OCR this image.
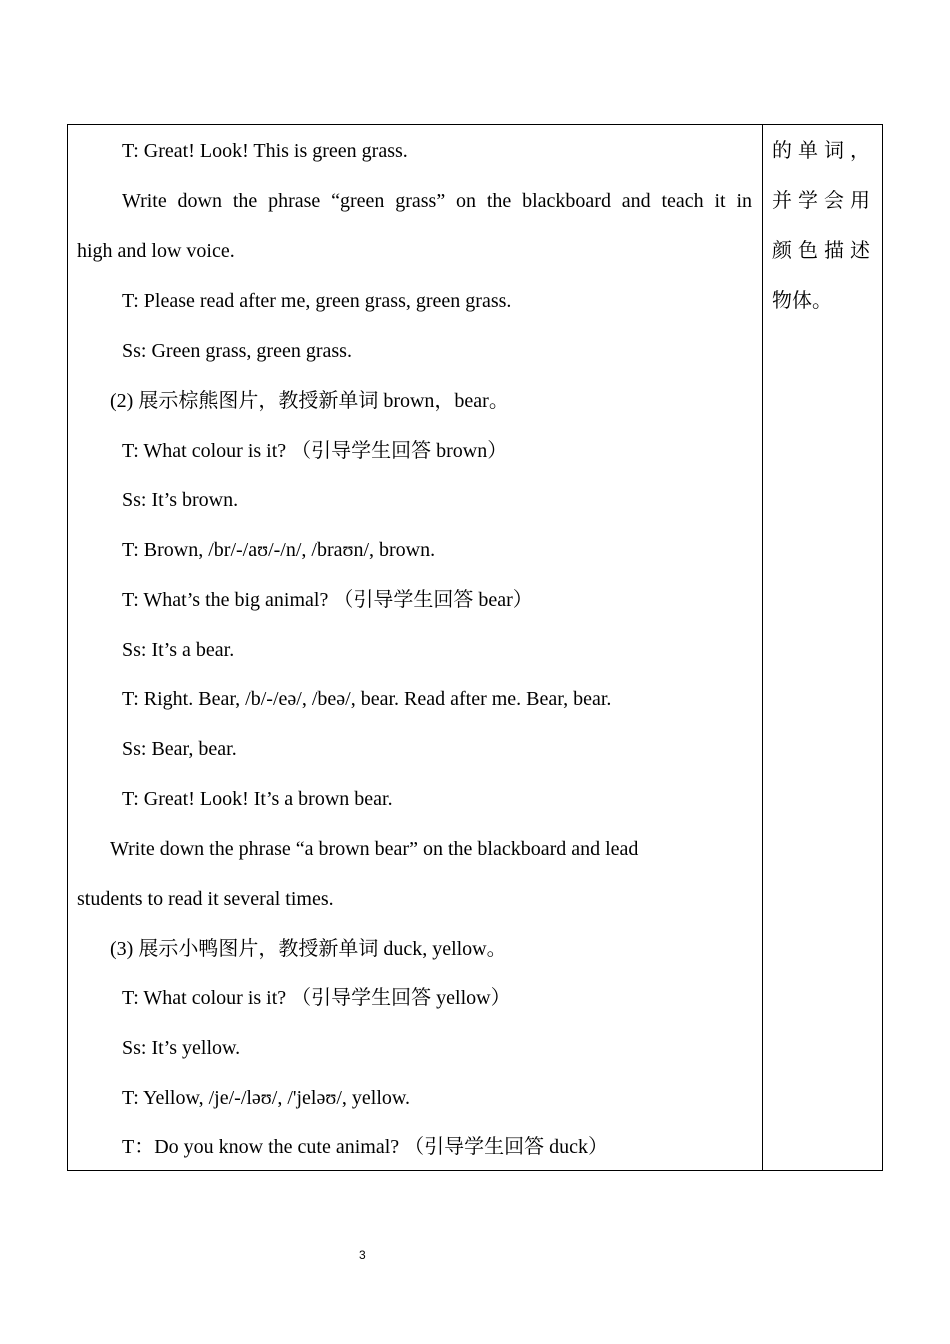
T: Great! Look! This is green grass.
Write down the phrase “green grass” on the blackboard and teach it in
high and low voice.
T: Please read after me, green grass, green grass.
Ss: Green grass, green grass.
(2) 展示棕熊图片，教授新单词 brown，bear。
T: What colour is it? （引导学生回答 brown）
Ss: It’s brown.
T: Brown, /br/-/aʊ/-/n/, /braʊn/, brown.
T: What’s the big animal? （引导学生回答 bear）
Ss: It’s a bear.
T: Right. Bear, /b/-/eə/, /beə/, bear. Read after me. Bear, bear.
Ss: Bear, bear.
T: Great! Look! It’s a brown bear.
Write down the phrase “a brown bear” on the blackboard and lead
students to read it several times.
(3) 展示小鸭图片，教授新单词 duck, yellow。
T: What colour is it? （引导学生回答 yellow）
Ss: It’s yellow.
T: Yellow, /je/-/ləʊ/, /'jeləʊ/, yellow.
T：Do you know the cute animal? （引导学生回答 duck）
的单词，
并学会用
颜色描述
物体。
3
